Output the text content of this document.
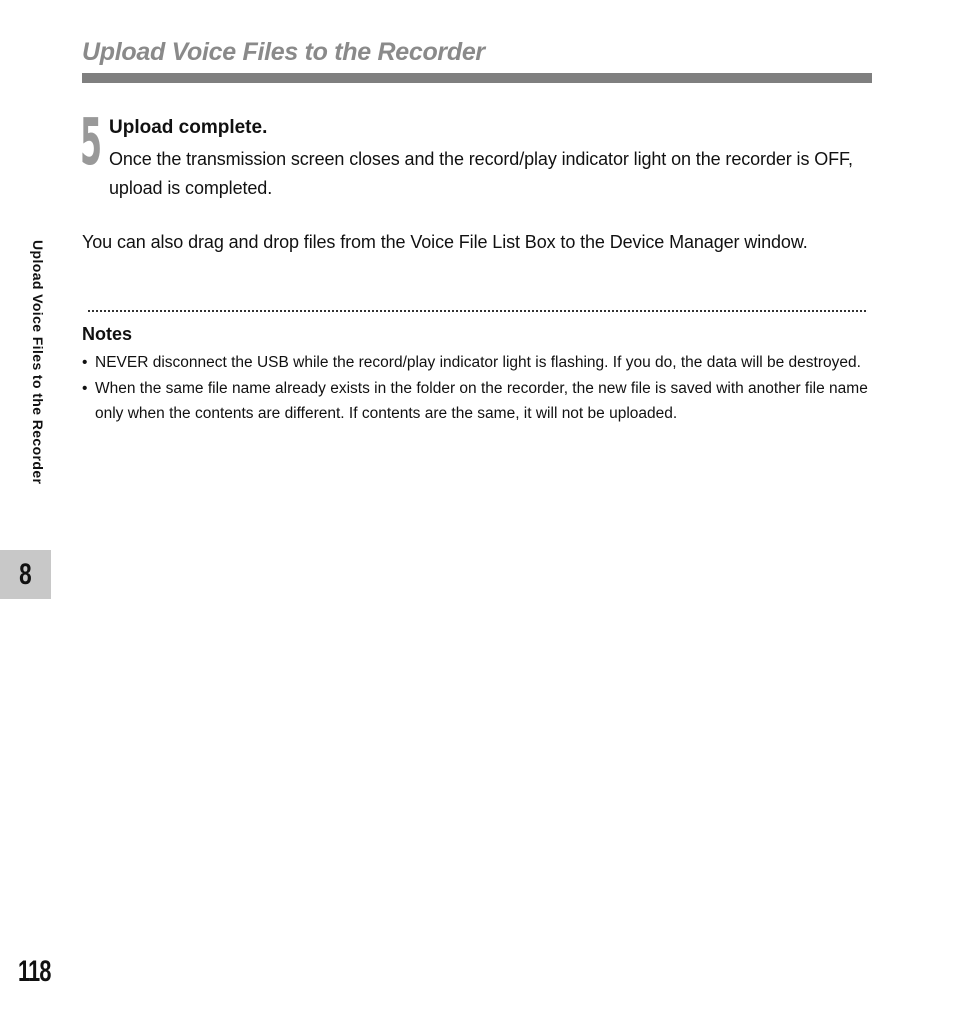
Upload Voice Files to the Recorder
5 Upload complete.
Once the transmission screen closes and the record/play indicator light on the recorder is OFF, upload is completed.
You can also drag and drop files from the Voice File List Box to the Device Manager window.
Notes
• NEVER disconnect the USB while the record/play indicator light is flashing. If you do, the data will be destroyed.
• When the same file name already exists in the folder on the recorder, the new file is saved with another file name only when the contents are different. If contents are the same, it will not be uploaded.
Upload Voice Files to the Recorder
8
118
